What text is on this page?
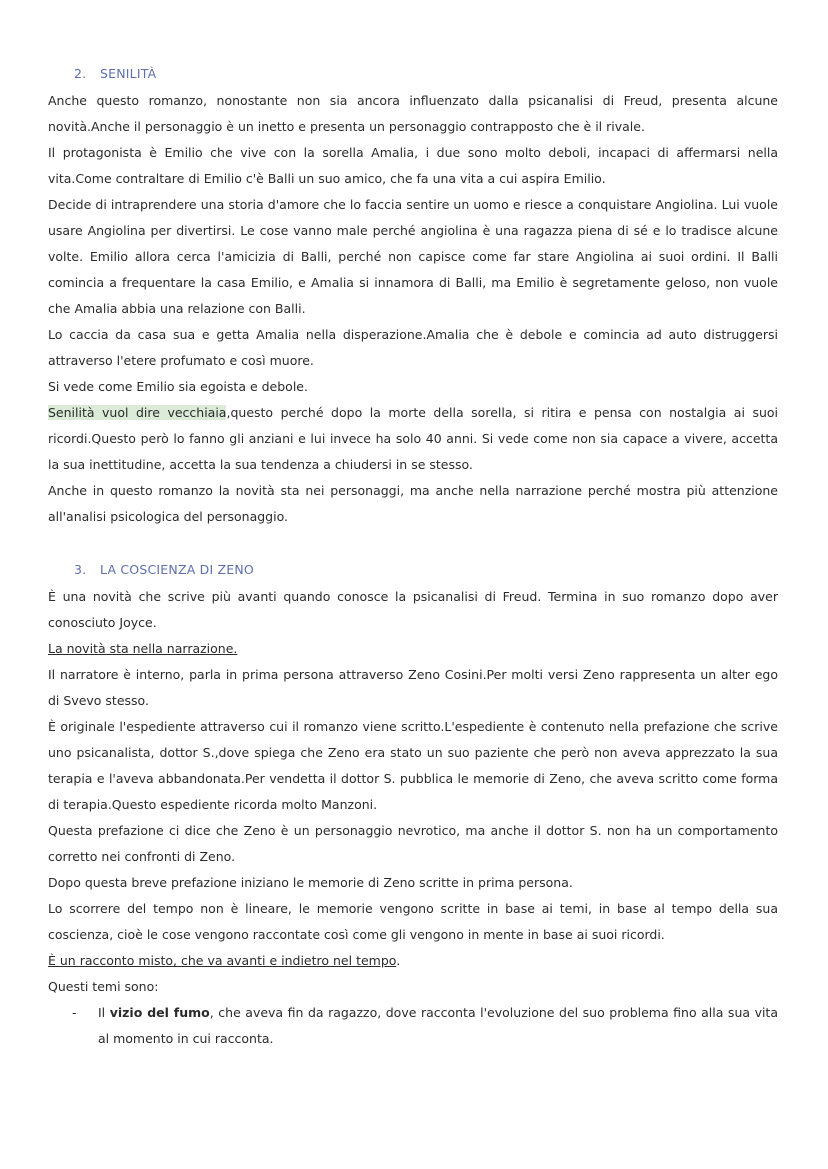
2. SENILITÀ

Anche questo romanzo, nonostante non sia ancora influenzato dalla psicanalisi di Freud, presenta alcune novità.Anche il personaggio è un inetto e presenta un personaggio contrapposto che è il rivale.

Il protagonista è Emilio che vive con la sorella Amalia, i due sono molto deboli, incapaci di affermarsi nella vita.Come contraltare di Emilio c'è Balli un suo amico, che fa una vita a cui aspira Emilio.

Decide di intraprendere una storia d'amore che lo faccia sentire un uomo e riesce a conquistare Angiolina. Lui vuole usare Angiolina per divertirsi. Le cose vanno male perché angiolina è una ragazza piena di sé e lo tradisce alcune volte. Emilio allora cerca l'amicizia di Balli, perché non capisce come far stare Angiolina ai suoi ordini. Il Balli comincia a frequentare la casa Emilio, e Amalia si innamora di Balli, ma Emilio è segretamente geloso, non vuole che Amalia abbia una relazione con Balli.

Lo caccia da casa sua e getta Amalia nella disperazione.Amalia che è debole e comincia ad auto distruggersi attraverso l'etere profumato e così muore.

Si vede come Emilio sia egoista e debole.

Senilità vuol dire vecchiaia,questo perché dopo la morte della sorella, si ritira e pensa con nostalgia ai suoi ricordi.Questo però lo fanno gli anziani e lui invece ha solo 40 anni. Si vede come non sia capace a vivere, accetta la sua inettitudine, accetta la sua tendenza a chiudersi in se stesso.

Anche in questo romanzo la novità sta nei personaggi, ma anche nella narrazione perché mostra più attenzione all'analisi psicologica del personaggio.

3. LA COSCIENZA DI ZENO

È una novità che scrive più avanti quando conosce la psicanalisi di Freud. Termina in suo romanzo dopo aver conosciuto Joyce.

La novità sta nella narrazione.

Il narratore è interno, parla in prima persona attraverso Zeno Cosini.Per molti versi Zeno rappresenta un alter ego di Svevo stesso.

È originale l'espediente attraverso cui il romanzo viene scritto.L'espediente è contenuto nella prefazione che scrive uno psicanalista, dottor S.,dove spiega che Zeno era stato un suo paziente che però non aveva apprezzato la sua terapia e l'aveva abbandonata.Per vendetta il dottor S. pubblica le memorie di Zeno, che aveva scritto come forma di terapia.Questo espediente ricorda molto Manzoni.

Questa prefazione ci dice che Zeno è un personaggio nevrotico, ma anche il dottor S. non ha un comportamento corretto nei confronti di Zeno.

Dopo questa breve prefazione iniziano le memorie di Zeno scritte in prima persona.

Lo scorrere del tempo non è lineare, le memorie vengono scritte in base ai temi, in base al tempo della sua coscienza, cioè le cose vengono raccontate così come gli vengono in mente in base ai suoi ricordi.

È un racconto misto, che va avanti e indietro nel tempo.

Questi temi sono:

- Il vizio del fumo, che aveva fin da ragazzo, dove racconta l'evoluzione del suo problema fino alla sua vita al momento in cui racconta.
